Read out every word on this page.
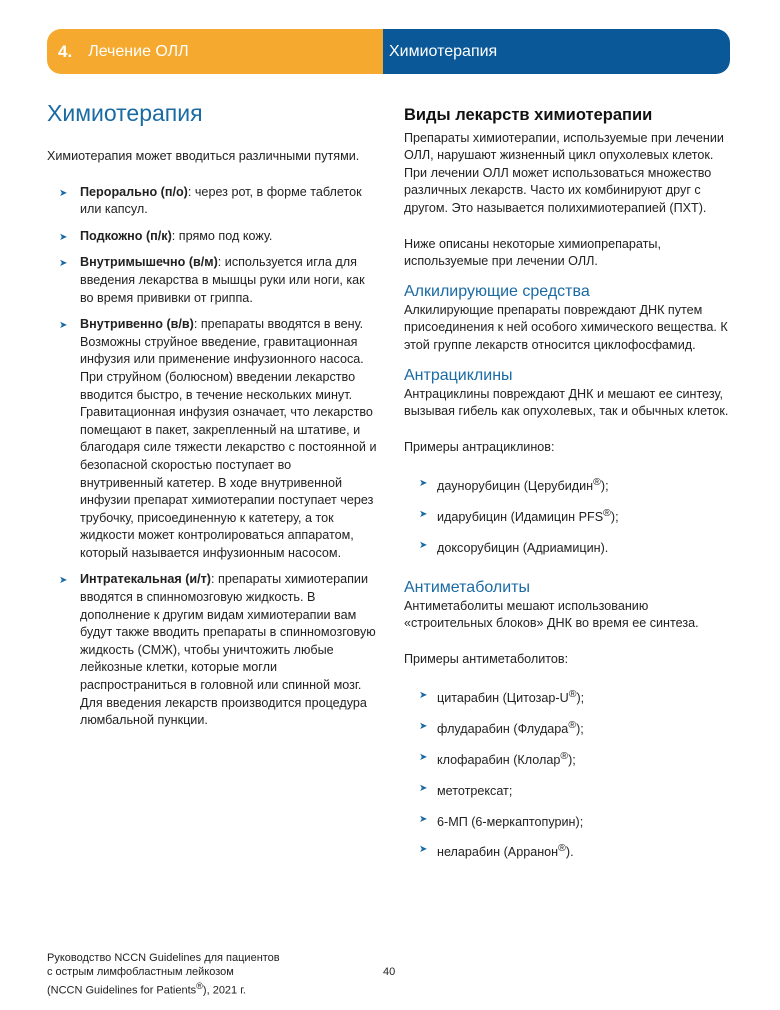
4. Лечение ОЛЛ	Химиотерапия
Химиотерапия

Химиотерапия может вводиться различными путями.

➤ Перорально (п/о): через рот, в форме таблеток или капсул.
➤ Подкожно (п/к): прямо под кожу.
➤ Внутримышечно (в/м): используется игла для введения лекарства в мышцы руки или ноги, как во время прививки от гриппа.
➤ Внутривенно (в/в): препараты вводятся в вену. Возможны струйное введение, гравитационная инфузия или применение инфузионного насоса. При струйном (болюсном) введении лекарство вводится быстро, в течение нескольких минут. Гравитационная инфузия означает, что лекарство помещают в пакет, закрепленный на штативе, и благодаря силе тяжести лекарство с постоянной и безопасной скоростью поступает во внутривенный катетер. В ходе внутривенной инфузии препарат химиотерапии поступает через трубочку, присоединенную к катетеру, а ток жидкости может контролироваться аппаратом, который называется инфузионным насосом.
➤ Интратекальная (и/т): препараты химиотерапии вводятся в спинномозговую жидкость. В дополнение к другим видам химиотерапии вам будут также вводить препараты в спинномозговую жидкость (СМЖ), чтобы уничтожить любые лейкозные клетки, которые могли распространиться в головной или спинной мозг. Для введения лекарств производится процедура люмбальной пункции.
Виды лекарств химиотерапии

Препараты химиотерапии, используемые при лечении ОЛЛ, нарушают жизненный цикл опухолевых клеток. При лечении ОЛЛ может использоваться множество различных лекарств. Часто их комбинируют друг с другом. Это называется полихимиотерапией (ПХТ).

Ниже описаны некоторые химиопрепараты, используемые при лечении ОЛЛ.

Алкилирующие средства

Алкилирующие препараты повреждают ДНК путем присоединения к ней особого химического вещества. К этой группе лекарств относится циклофосфамид.

Антрациклины

Антрациклины повреждают ДНК и мешают ее синтезу, вызывая гибель как опухолевых, так и обычных клеток.

Примеры антрациклинов:

➤ даунорубицин (Церубидин®);
➤ идарубицин (Идамицин PFS®);
➤ доксорубицин (Адриамицин).
Антиметаболиты

Антиметаболиты мешают использованию «строительных блоков» ДНК во время ее синтеза.

Примеры антиметаболитов:

➤ цитарабин (Цитозар-U®);
➤ флударабин (Флудара®);
➤ клофарабин (Клолар®);
➤ метотрексат;
➤ 6-МП (6-меркаптопурин);
➤ неларабин (Арранон®).
Руководство NCCN Guidelines для пациентов
с острым лимфобластным лейкозом
(NCCN Guidelines for Patients®), 2021 г.
40
